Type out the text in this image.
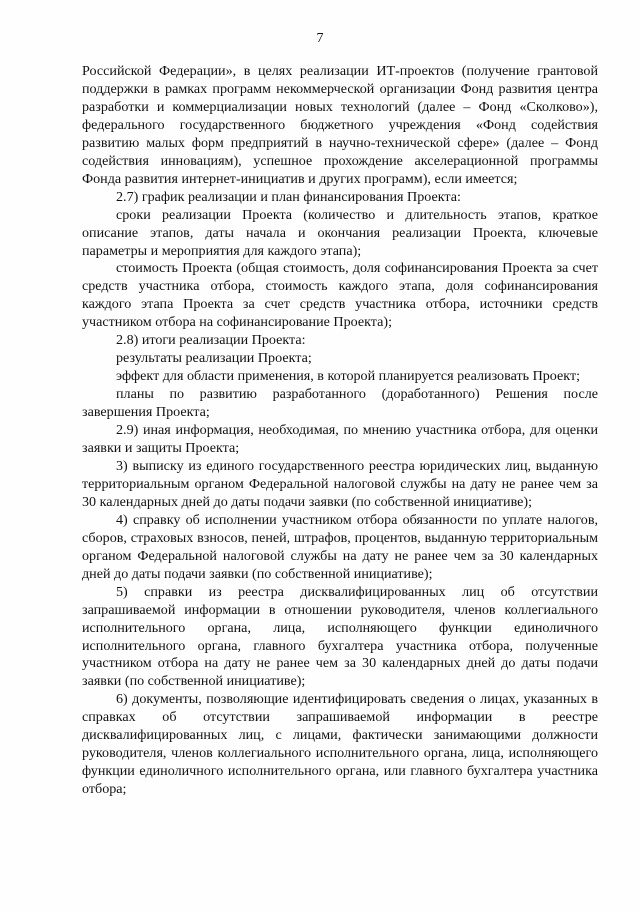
7

Российской Федерации», в целях реализации ИТ-проектов (получение грантовой поддержки в рамках программ некоммерческой организации Фонд развития центра разработки и коммерциализации новых технологий (далее – Фонд «Сколково»), федерального государственного бюджетного учреждения «Фонд содействия развитию малых форм предприятий в научно-технической сфере» (далее – Фонд содействия инновациям), успешное прохождение акселерационной программы Фонда развития интернет-инициатив и других программ), если имеется;

2.7) график реализации и план финансирования Проекта:

сроки реализации Проекта (количество и длительность этапов, краткое описание этапов, даты начала и окончания реализации Проекта, ключевые параметры и мероприятия для каждого этапа);

стоимость Проекта (общая стоимость, доля софинансирования Проекта за счет средств участника отбора, стоимость каждого этапа, доля софинансирования каждого этапа Проекта за счет средств участника отбора, источники средств участником отбора на софинансирование Проекта);

2.8) итоги реализации Проекта:

результаты реализации Проекта;

эффект для области применения, в которой планируется реализовать Проект;

планы по развитию разработанного (доработанного) Решения после завершения Проекта;

2.9) иная информация, необходимая, по мнению участника отбора, для оценки заявки и защиты Проекта;

3) выписку из единого государственного реестра юридических лиц, выданную территориальным органом Федеральной налоговой службы на дату не ранее чем за 30 календарных дней до даты подачи заявки (по собственной инициативе);

4) справку об исполнении участником отбора обязанности по уплате налогов, сборов, страховых взносов, пеней, штрафов, процентов, выданную территориальным органом Федеральной налоговой службы на дату не ранее чем за 30 календарных дней до даты подачи заявки (по собственной инициативе);

5) справки из реестра дисквалифицированных лиц об отсутствии запрашиваемой информации в отношении руководителя, членов коллегиального исполнительного органа, лица, исполняющего функции единоличного исполнительного органа, главного бухгалтера участника отбора, полученные участником отбора на дату не ранее чем за 30 календарных дней до даты подачи заявки (по собственной инициативе);

6) документы, позволяющие идентифицировать сведения о лицах, указанных в справках об отсутствии запрашиваемой информации в реестре дисквалифицированных лиц, с лицами, фактически занимающими должности руководителя, членов коллегиального исполнительного органа, лица, исполняющего функции единоличного исполнительного органа, или главного бухгалтера участника отбора;
